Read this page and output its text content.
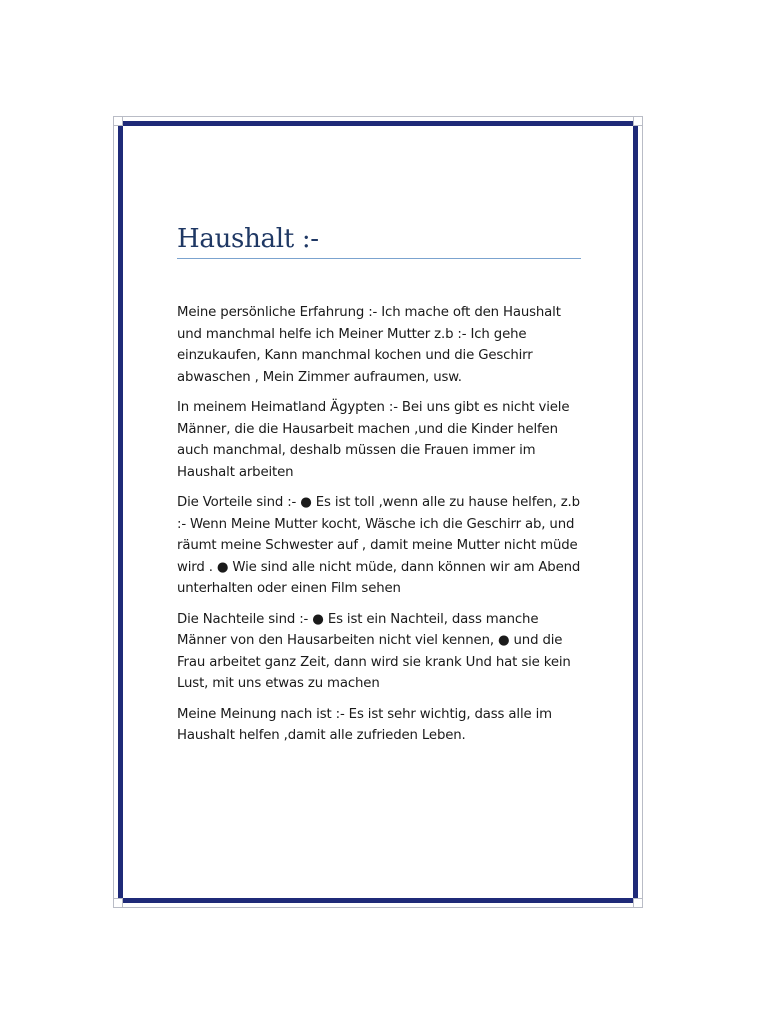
Haushalt :-

Meine persönliche Erfahrung :- Ich mache oft den Haushalt und manchmal helfe ich Meiner Mutter z.b :- Ich gehe einzukaufen, Kann manchmal kochen und die Geschirr abwaschen , Mein Zimmer aufraumen, usw.

In meinem Heimatland Ägypten :- Bei uns gibt es nicht viele Männer, die die Hausarbeit machen ,und die Kinder helfen auch manchmal, deshalb müssen die Frauen immer im Haushalt arbeiten

Die Vorteile sind :- ● Es ist toll ,wenn alle zu hause helfen, z.b :- Wenn Meine Mutter kocht, Wäsche ich die Geschirr ab, und räumt meine Schwester auf , damit meine Mutter nicht müde wird . ● Wie sind alle nicht müde, dann können wir am Abend unterhalten oder einen Film sehen

Die Nachteile sind :- ● Es ist ein Nachteil, dass manche Männer von den Hausarbeiten nicht viel kennen, ● und die Frau arbeitet ganz Zeit, dann wird sie krank Und hat sie kein Lust, mit uns etwas zu machen

Meine Meinung nach ist :- Es ist sehr wichtig, dass alle im Haushalt helfen ,damit alle zufrieden Leben.
